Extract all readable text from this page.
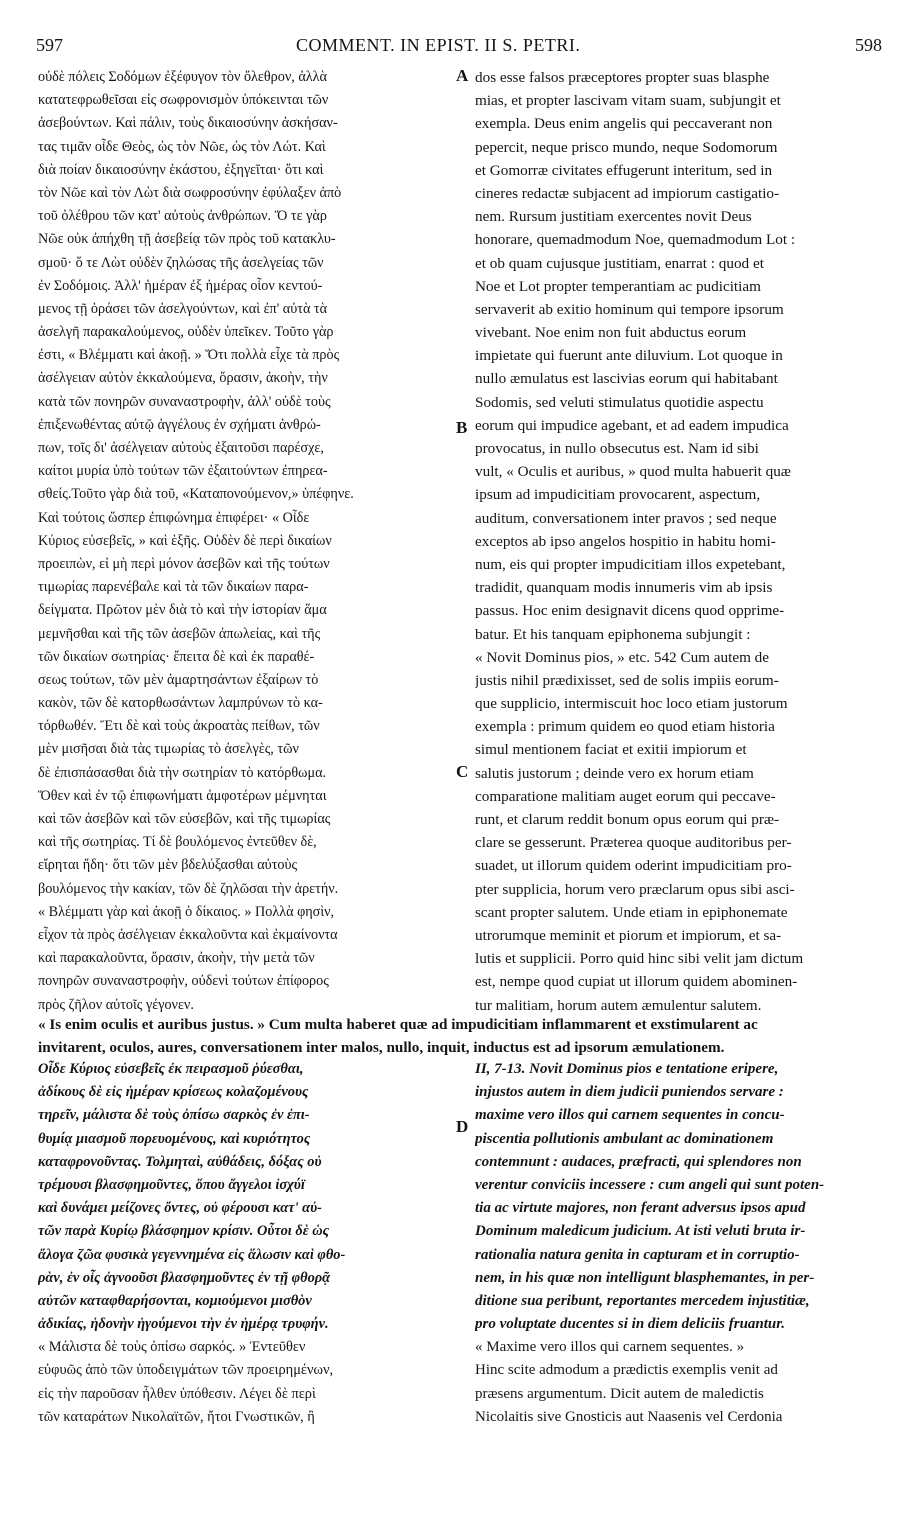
597	COMMENT. IN EPIST. II S. PETRI.	598
A
B
C
D
οὐδὲ πόλεις Σοδόμων ἐξέφυγον τὸν ὄλεθρον, ἀλλὰ
κατατεφρωθεῖσαι εἰς σωφρονισμὸν ὑπόκεινται τῶν
ἀσεβούντων. Καὶ πάλιν, τοὺς δικαιοσύνην ἀσκήσαν-
τας τιμᾶν οἶδε Θεὸς, ὡς τὸν Νῶε, ὡς τὸν Λώτ. Καὶ
διὰ ποίαν δικαιοσύνην ἑκάστου, ἐξηγεῖται· ὅτι καὶ
τὸν Νῶε καὶ τὸν Λὼτ διὰ σωφροσύνην ἐφύλαξεν ἀπὸ
τοῦ ὀλέθρου τῶν κατ' αὐτοὺς ἀνθρώπων. Ὅ τε γὰρ
Νῶε οὐκ ἀπήχθη τῇ ἀσεβείᾳ τῶν πρὸς τοῦ κατακλυ-
σμοῦ· ὅ τε Λὼτ οὐδὲν ζηλώσας τῆς ἀσελγείας τῶν
ἐν Σοδόμοις. Ἀλλ' ἡμέραν ἐξ ἡμέρας οἷον κεντού-
μενος τῇ ὁράσει τῶν ἀσελγούντων, καὶ ἐπ' αὐτὰ τὰ
ἀσελγῆ παρακαλούμενος, οὐδὲν ὑπεῖκεν. Τοῦτο γὰρ
ἐστι, « Βλέμματι καὶ ἀκοῇ. » Ὅτι πολλὰ εἶχε τὰ πρὸς
ἀσέλγειαν αὐτὸν ἐκκαλούμενα, ὅρασιν, ἀκοὴν, τὴν
κατὰ τῶν πονηρῶν συναναστροφὴν, ἀλλ' οὐδὲ τοὺς
ἐπιξενωθέντας αὐτῷ ἀγγέλους ἐν σχήματι ἀνθρώ-
πων, τοῖς δι' ἀσέλγειαν αὐτοὺς ἐξαιτοῦσι παρέσχε,
καίτοι μυρία ὑπὸ τούτων τῶν ἐξαιτούντων ἐπηρεα-
σθείς.Τοῦτο γὰρ διὰ τοῦ, «Καταπονούμενον,» ὑπέφηνε.
Καὶ τούτοις ὥσπερ ἐπιφώνημα ἐπιφέρει· « Οἶδε
Κύριος εὐσεβεῖς, » καὶ ἑξῆς. Οὐδὲν δὲ περὶ δικαίων
προειπὼν, εἰ μὴ περὶ μόνον ἀσεβῶν καὶ τῆς τούτων
τιμωρίας παρενέβαλε καὶ τὰ τῶν δικαίων παρα-
δείγματα. Πρῶτον μὲν διὰ τὸ καὶ τὴν ἱστορίαν ἅμα
μεμνῆσθαι καὶ τῆς τῶν ἀσεβῶν ἀπωλείας, καὶ τῆς
τῶν δικαίων σωτηρίας· ἔπειτα δὲ καὶ ἐκ παραθέ-
σεως τούτων, τῶν μὲν ἁμαρτησάντων ἐξαίρων τὸ
κακὸν, τῶν δὲ κατορθωσάντων λαμπρύνων τὸ κα-
τόρθωθέν. Ἔτι δὲ καὶ τοὺς ἀκροατὰς πείθων, τῶν
μὲν μισῆσαι διὰ τὰς τιμωρίας τὸ ἀσελγὲς, τῶν
δὲ ἐπισπάσασθαι διὰ τὴν σωτηρίαν τὸ κατόρθωμα.
Ὅθεν καὶ ἐν τῷ ἐπιφωνήματι ἀμφοτέρων μέμνηται
καὶ τῶν ἀσεβῶν καὶ τῶν εὐσεβῶν, καὶ τῆς τιμωρίας
καὶ τῆς σωτηρίας. Τί δὲ βουλόμενος ἐντεῦθεν δὲ,
εἴρηται ἤδη· ὅτι τῶν μὲν βδελύξασθαι αὐτοὺς
βουλόμενος τὴν κακίαν, τῶν δὲ ζηλῶσαι τὴν ἀρετήν.
« Βλέμματι γὰρ καὶ ἀκοῇ ὁ δίκαιος. » Πολλὰ φησὶν,
εἶχον τὰ πρὸς ἀσέλγειαν ἐκκαλοῦντα καὶ ἐκμαίνοντα
καὶ παρακαλοῦντα, ὅρασιν, ἀκοὴν, τὴν μετὰ τῶν
πονηρῶν συναναστροφὴν, οὐδενὶ τούτων ἐπίφορος
πρὸς ζῆλον αὐτοῖς γέγονεν.
dos esse falsos præceptores propter suas blasphe
mias, et propter lascivam vitam suam, subjungit et
exempla. Deus enim angelis qui peccaverant non
pepercit, neque prisco mundo, neque Sodomorum
et Gomorræ civitates effugerunt interitum, sed in
cineres redactæ subjacent ad impiorum castigatio-
nem. Rursum justitiam exercentes novit Deus
honorare, quemadmodum Noe, quemadmodum Lot :
et ob quam cujusque justitiam, enarrat : quod et
Noe et Lot propter temperantiam ac pudicitiam
servaverit ab exitio hominum qui tempore ipsorum
vivebant. Noe enim non fuit abductus eorum
impietate qui fuerunt ante diluvium. Lot quoque in
nullo æmulatus est lascivias eorum qui habitabant
Sodomis, sed veluti stimulatus quotidie aspectu
eorum qui impudice agebant, et ad eadem impudica
provocatus, in nullo obsecutus est. Nam id sibi
vult, « Oculis et auribus, » quod multa habuerit quæ
ipsum ad impudicitiam provocarent, aspectum,
auditum, conversationem inter pravos ; sed neque
exceptos ab ipso angelos hospitio in habitu homi-
num, eis qui propter impudicitiam illos expetebant,
tradidit, quanquam modis innumeris vim ab ipsis
passus. Hoc enim designavit dicens quod opprime-
batur. Et his tanquam epiphonema subjungit :
« Novit Dominus pios, » etc. 542 Cum autem de
justis nihil prædixisset, sed de solis impiis eorum-
que supplicio, intermiscuit hoc loco etiam justorum
exempla : primum quidem eo quod etiam historia
simul mentionem faciat et exitii impiorum et
salutis justorum ; deinde vero ex horum etiam
comparatione malitiam auget eorum qui peccave-
runt, et clarum reddit bonum opus eorum qui præ-
clare se gesserunt. Præterea quoque auditoribus per-
suadet, ut illorum quidem oderint impudicitiam pro-
pter supplicia, horum vero præclarum opus sibi asci-
scant propter salutem. Unde etiam in epiphonemate
utrorumque meminit et piorum et impiorum, et sa-
lutis et supplicii. Porro quid hinc sibi velit jam dictum
est, nempe quod cupiat ut illorum quidem abominen-
tur malitiam, horum autem æmulentur salutem.
« Is enim oculis et auribus justus. » Cum multa haberet quæ ad impudicitiam inflammarent et exstimularent ac
invitarent, oculos, aures, conversationem inter malos, nullo, inquit, inductus est ad ipsorum æmulationem.
Οἶδε Κύριος εὐσεβεῖς ἐκ πειρασμοῦ ῥύεσθαι,
ἀδίκους δὲ εἰς ἡμέραν κρίσεως κολαζομένους
τηρεῖν, μάλιστα δὲ τοὺς ὀπίσω σαρκὸς ἐν ἐπι-
θυμίᾳ μιασμοῦ πορευομένους, καὶ κυριότητος
καταφρονοῦντας. Τολμηταὶ, αὐθάδεις, δόξας οὐ
τρέμουσι βλασφημοῦντες, ὅπου ἄγγελοι ἰσχύϊ
καὶ δυνάμει μείζονες ὄντες, οὐ φέρουσι κατ' αὐ-
τῶν παρὰ Κυρίῳ βλάσφημον κρίσιν. Οὗτοι δὲ ὡς
ἄλογα ζῶα φυσικὰ γεγεννημένα εἰς ἅλωσιν καὶ φθο-
ρὰν, ἐν οἷς ἀγνοοῦσι βλασφημοῦντες ἐν τῇ φθορᾷ
αὐτῶν καταφθαρήσονται, κομιούμενοι μισθὸν
ἀδικίας, ἡδονὴν ἡγούμενοι τὴν ἐν ἡμέρᾳ τρυφήν.
« Μάλιστα δὲ τοὺς ὀπίσω σαρκός. » Ἐντεῦθεν
εὐφυῶς ἀπὸ τῶν ὑποδειγμάτων τῶν προειρημένων,
εἰς τὴν παροῦσαν ἦλθεν ὑπόθεσιν. Λέγει δὲ περὶ
τῶν καταράτων Νικολαϊτῶν, ἤτοι Γνωστικῶν, ἢ
II, 7-13. Novit Dominus pios e tentatione eripere,
injustos autem in diem judicii puniendos servare :
maxime vero illos qui carnem sequentes in concu-
piscentia pollutionis ambulant ac dominationem
contemnunt : audaces, præfracti, qui splendores non
verentur conviciis incessere : cum angeli qui sunt poten-
tia ac virtute majores, non ferant adversus ipsos apud
Dominum maledicum judicium. At isti veluti bruta ir-
rationalia natura genita in capturam et in corruptio-
nem, in his quæ non intelligunt blasphemantes, in per-
ditione sua peribunt, reportantes mercedem injustitiæ,
pro voluptate ducentes si in diem deliciis fruantur.
« Maxime vero illos qui carnem sequentes. »
Hinc scite admodum a prædictis exemplis venit ad
præsens argumentum. Dicit autem de maledictis
Nicolaitis sive Gnosticis aut Naasenis vel Cerdonia
